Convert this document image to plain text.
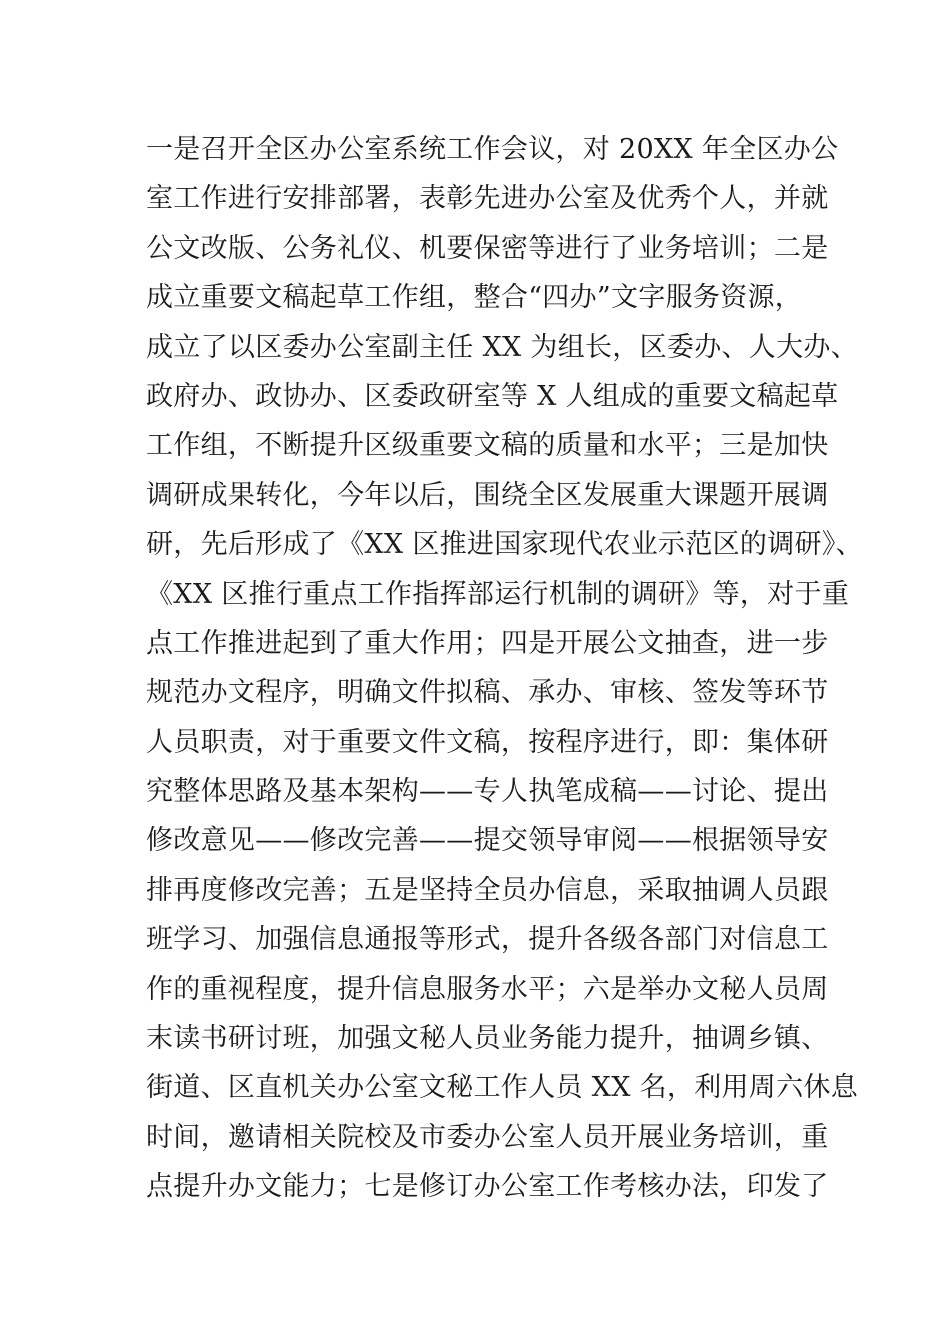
一是召开全区办公室系统工作会议，对 20XX 年全区办公
室工作进行安排部署，表彰先进办公室及优秀个人，并就
公文改版、公务礼仪、机要保密等进行了业务培训；二是
成立重要文稿起草工作组，整合“四办”文字服务资源，
成立了以区委办公室副主任 XX 为组长，区委办、人大办、
政府办、政协办、区委政研室等 X 人组成的重要文稿起草
工作组，不断提升区级重要文稿的质量和水平；三是加快
调研成果转化，今年以后，围绕全区发展重大课题开展调
研，先后形成了《XX 区推进国家现代农业示范区的调研》、
《XX 区推行重点工作指挥部运行机制的调研》等，对于重
点工作推进起到了重大作用；四是开展公文抽查，进一步
规范办文程序，明确文件拟稿、承办、审核、签发等环节
人员职责，对于重要文件文稿，按程序进行，即：集体研
究整体思路及基本架构——专人执笔成稿——讨论、提出
修改意见——修改完善——提交领导审阅——根据领导安
排再度修改完善；五是坚持全员办信息，采取抽调人员跟
班学习、加强信息通报等形式，提升各级各部门对信息工
作的重视程度，提升信息服务水平；六是举办文秘人员周
末读书研讨班，加强文秘人员业务能力提升，抽调乡镇、
街道、区直机关办公室文秘工作人员 XX 名，利用周六休息
时间，邀请相关院校及市委办公室人员开展业务培训，重
点提升办文能力；七是修订办公室工作考核办法，印发了
